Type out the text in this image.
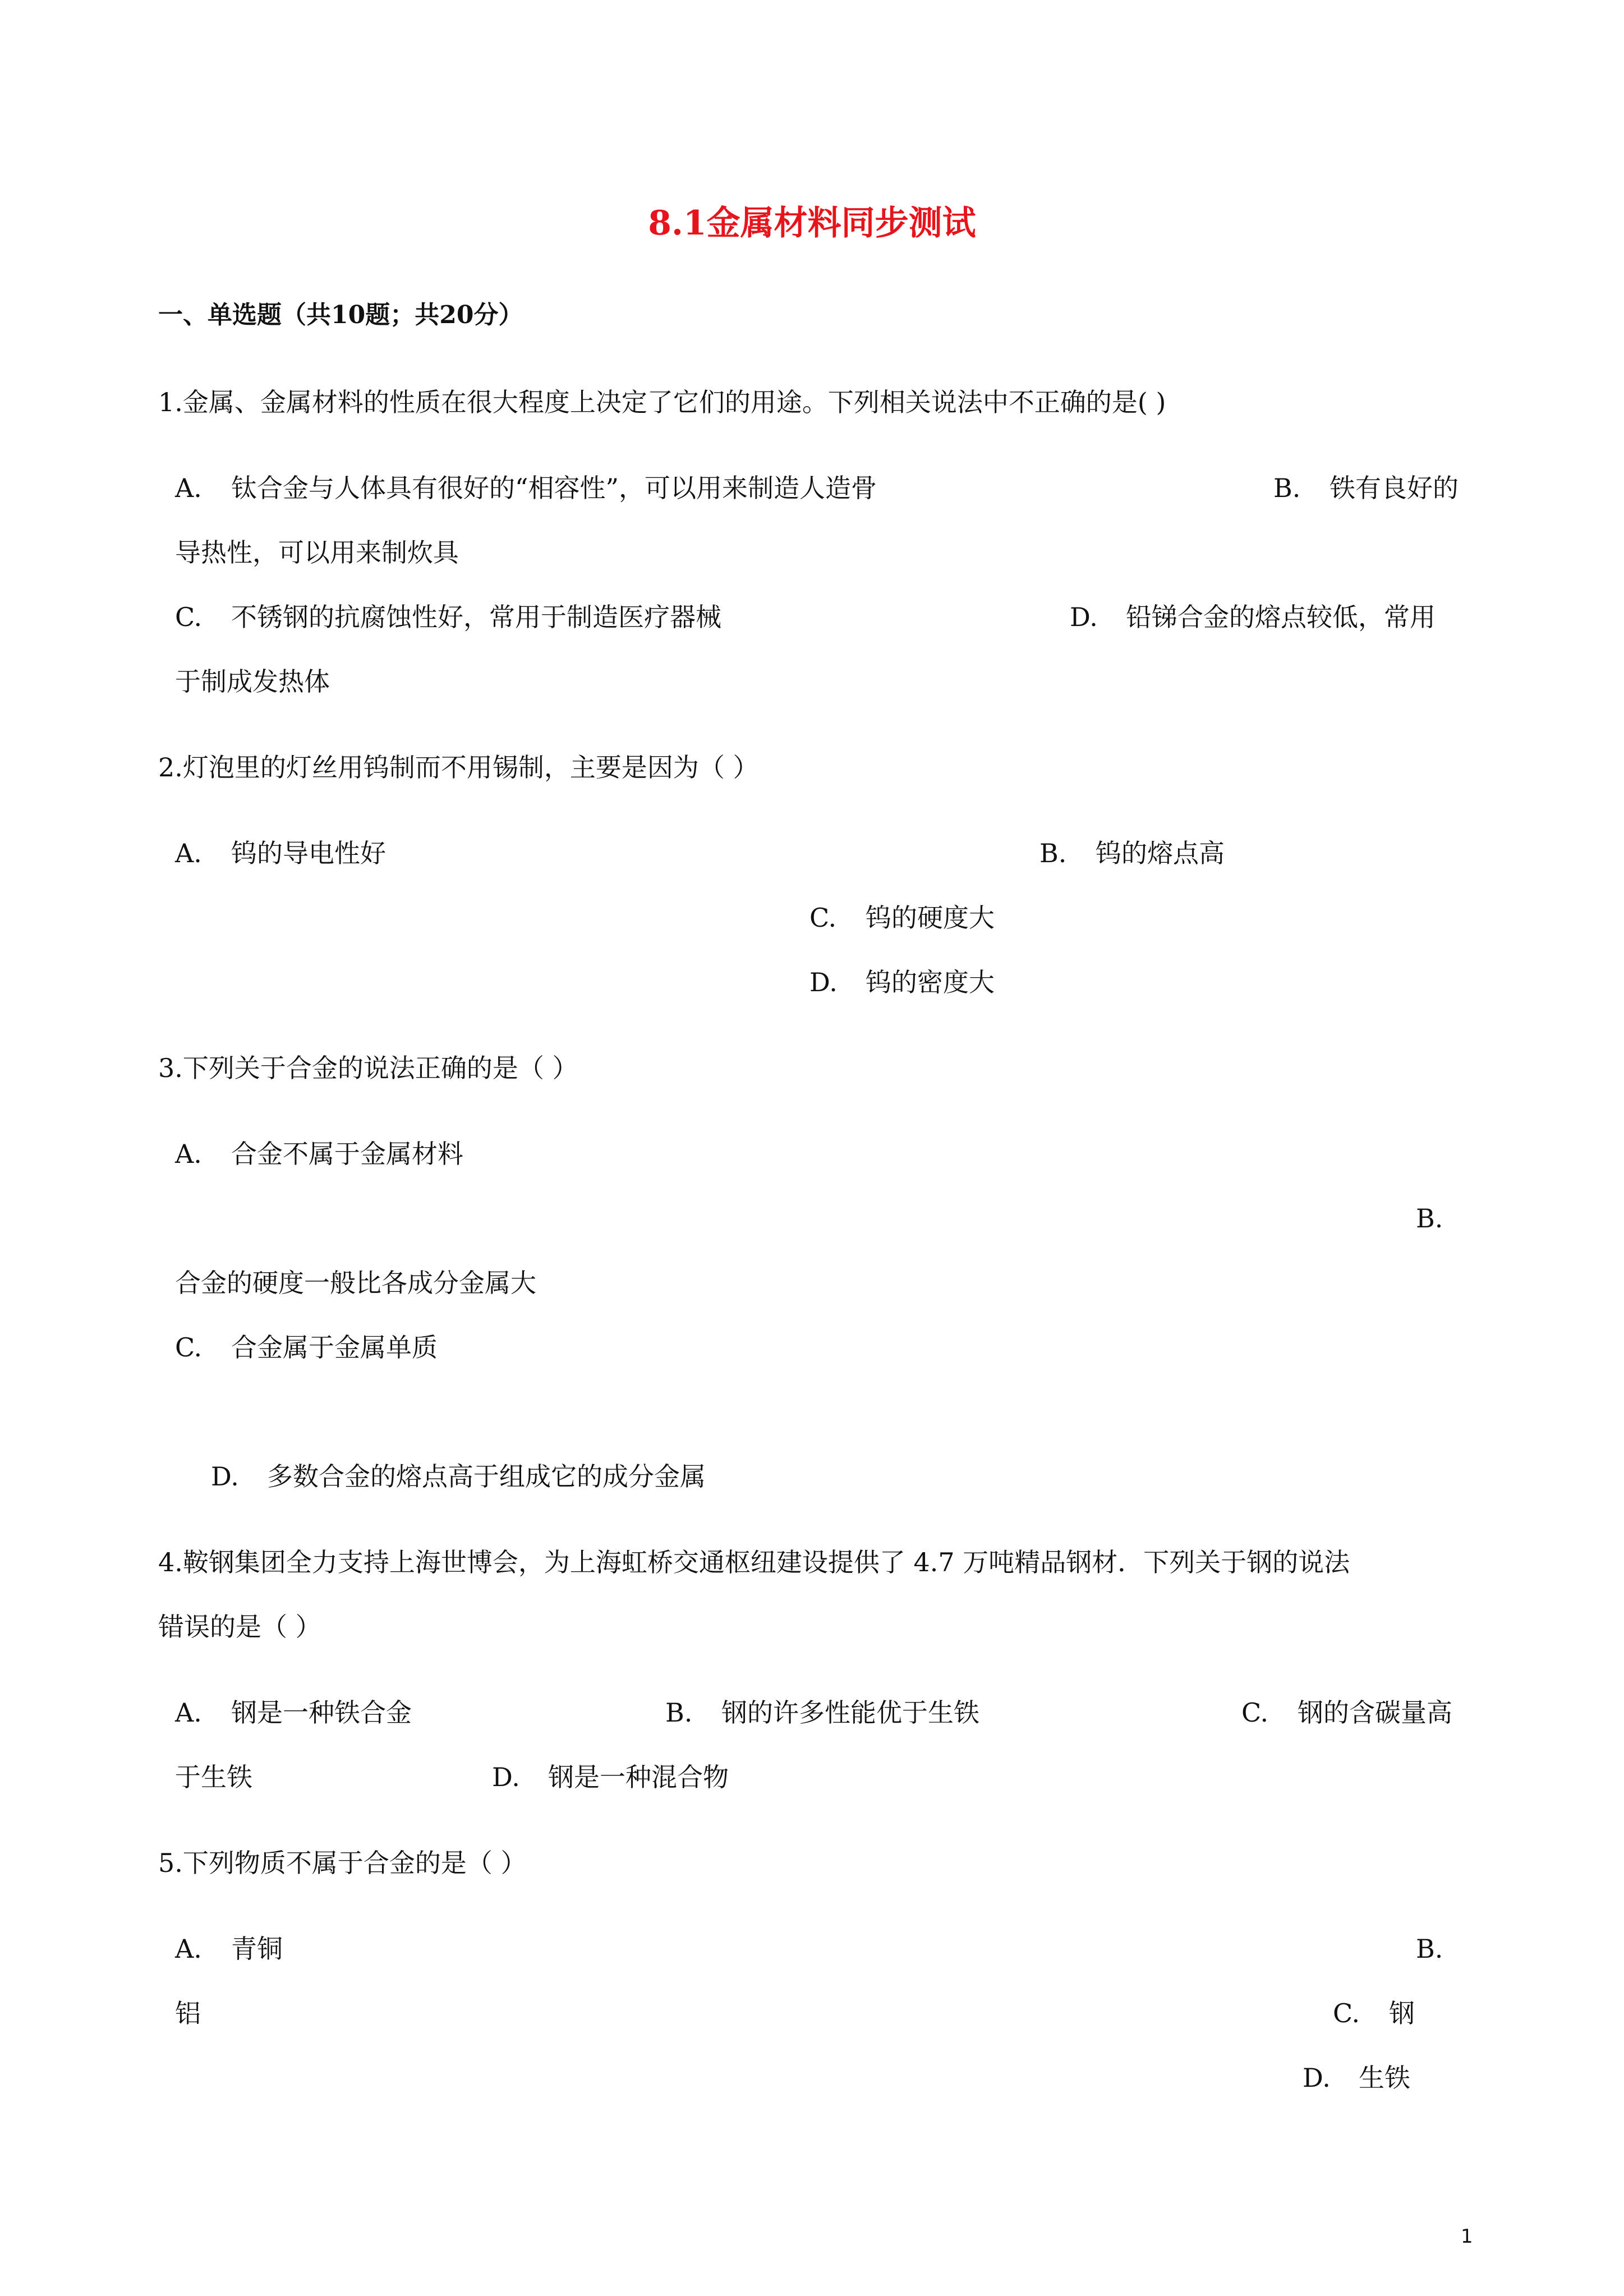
8.1金属材料同步测试
一、单选题（共10题；共20分）
1.金属、金属材料的性质在很大程度上决定了它们的用途。下列相关说法中不正确的是( )
A. 钛合金与人体具有很好的“相容性”，可以用来制造人造骨	B. 铁有良好的
导热性，可以用来制炊具
C. 不锈钢的抗腐蚀性好，常用于制造医疗器械	D. 铅锑合金的熔点较低，常用
于制成发热体
2.灯泡里的灯丝用钨制而不用锡制，主要是因为（ ）
A. 钨的导电性好	B. 钨的熔点高
C. 钨的硬度大
D. 钨的密度大
3.下列关于合金的说法正确的是（ ）
A. 合金不属于金属材料
B.
合金的硬度一般比各成分金属大
C. 合金属于金属单质
D. 多数合金的熔点高于组成它的成分金属
4.鞍钢集团全力支持上海世博会，为上海虹桥交通枢纽建设提供了 4.7 万吨精品钢材．下列关于钢的说法
错误的是（ ）
A. 钢是一种铁合金	B. 钢的许多性能优于生铁	C. 钢的含碳量高
于生铁	D. 钢是一种混合物
5.下列物质不属于合金的是（ ）
A. 青铜	B.
铝	C. 钢
D. 生铁
1
